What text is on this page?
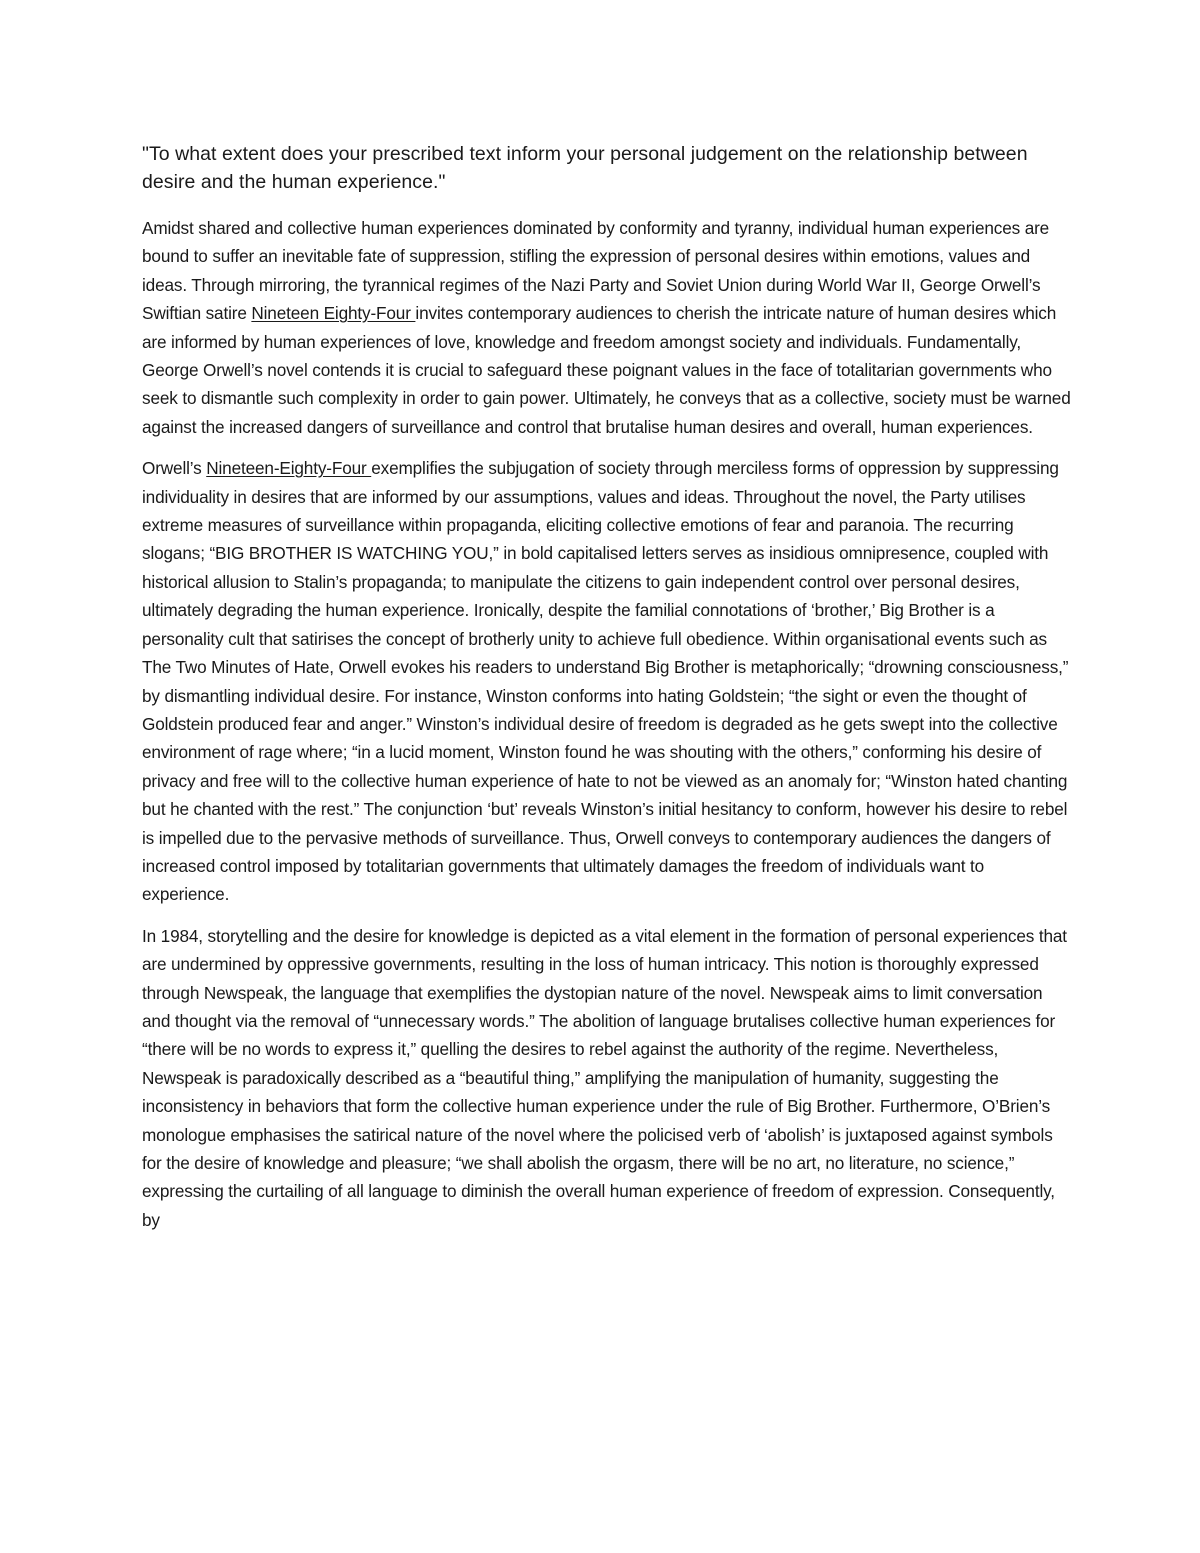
"To what extent does your prescribed text inform your personal judgement on the relationship between desire and the human experience."

Amidst shared and collective human experiences dominated by conformity and tyranny, individual human experiences are bound to suffer an inevitable fate of suppression, stifling the expression of personal desires within emotions, values and ideas. Through mirroring, the tyrannical regimes of the Nazi Party and Soviet Union during World War II, George Orwell’s Swiftian satire Nineteen Eighty-Four invites contemporary audiences to cherish the intricate nature of human desires which are informed by human experiences of love, knowledge and freedom amongst society and individuals. Fundamentally, George Orwell’s novel contends it is crucial to safeguard these poignant values in the face of totalitarian governments who seek to dismantle such complexity in order to gain power. Ultimately, he conveys that as a collective, society must be warned against the increased dangers of surveillance and control that brutalise human desires and overall, human experiences.

Orwell’s Nineteen-Eighty-Four exemplifies the subjugation of society through merciless forms of oppression by suppressing individuality in desires that are informed by our assumptions, values and ideas. Throughout the novel, the Party utilises extreme measures of surveillance within propaganda, eliciting collective emotions of fear and paranoia. The recurring slogans; “BIG BROTHER IS WATCHING YOU,” in bold capitalised letters serves as insidious omnipresence, coupled with historical allusion to Stalin’s propaganda; to manipulate the citizens to gain independent control over personal desires, ultimately degrading the human experience. Ironically, despite the familial connotations of ‘brother,’ Big Brother is a personality cult that satirises the concept of brotherly unity to achieve full obedience. Within organisational events such as The Two Minutes of Hate, Orwell evokes his readers to understand Big Brother is metaphorically; “drowning consciousness,” by dismantling individual desire. For instance, Winston conforms into hating Goldstein; “the sight or even the thought of Goldstein produced fear and anger.” Winston’s individual desire of freedom is degraded as he gets swept into the collective environment of rage where; “in a lucid moment, Winston found he was shouting with the others,” conforming his desire of privacy and free will to the collective human experience of hate to not be viewed as an anomaly for; “Winston hated chanting but he chanted with the rest.” The conjunction ‘but’ reveals Winston’s initial hesitancy to conform, however his desire to rebel is impelled due to the pervasive methods of surveillance. Thus, Orwell conveys to contemporary audiences the dangers of increased control imposed by totalitarian governments that ultimately damages the freedom of individuals want to experience.

In 1984, storytelling and the desire for knowledge is depicted as a vital element in the formation of personal experiences that are undermined by oppressive governments, resulting in the loss of human intricacy. This notion is thoroughly expressed through Newspeak, the language that exemplifies the dystopian nature of the novel. Newspeak aims to limit conversation and thought via the removal of “unnecessary words.” The abolition of language brutalises collective human experiences for “there will be no words to express it,” quelling the desires to rebel against the authority of the regime. Nevertheless, Newspeak is paradoxically described as a “beautiful thing,” amplifying the manipulation of humanity, suggesting the inconsistency in behaviors that form the collective human experience under the rule of Big Brother. Furthermore, O’Brien’s monologue emphasises the satirical nature of the novel where the policised verb of ‘abolish’ is juxtaposed against symbols for the desire of knowledge and pleasure; “we shall abolish the orgasm, there will be no art, no literature, no science,” expressing the curtailing of all language to diminish the overall human experience of freedom of expression. Consequently, by
